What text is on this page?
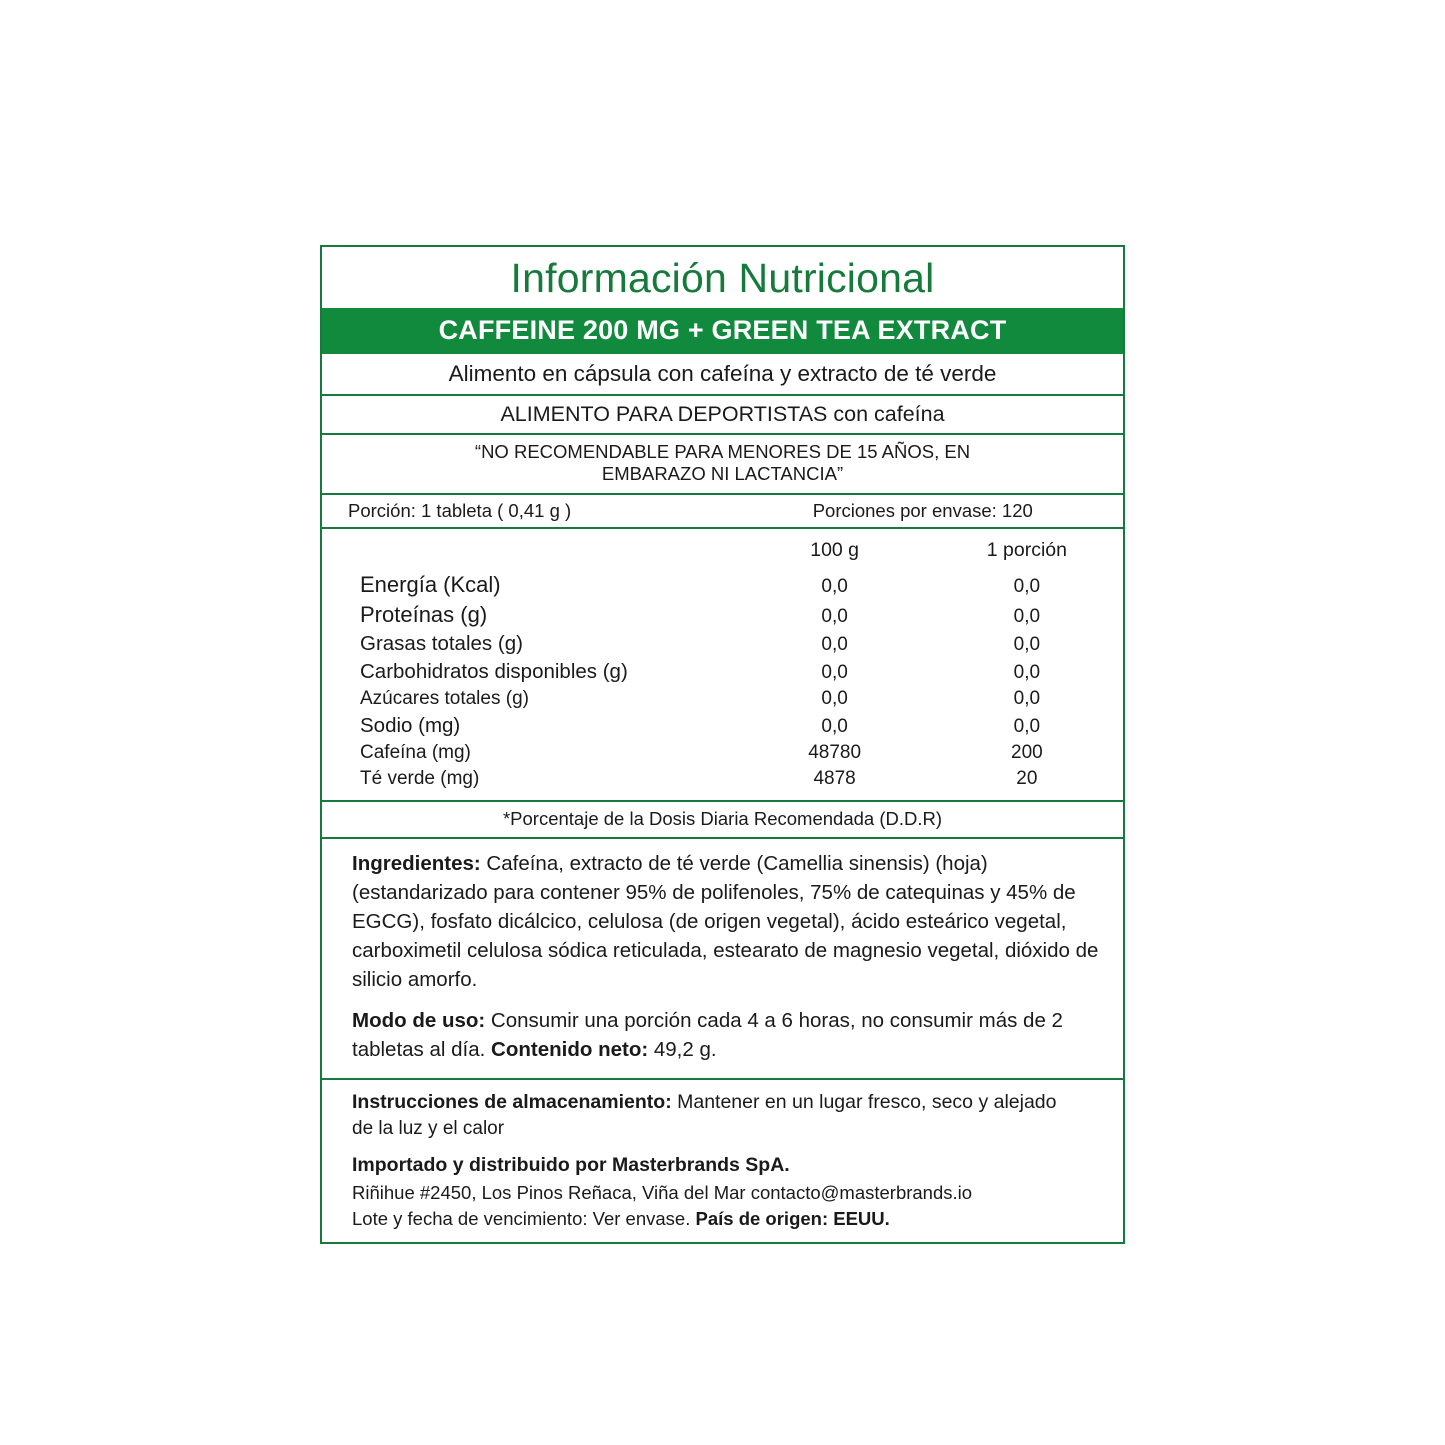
Información Nutricional
CAFFEINE 200 MG + GREEN TEA EXTRACT
Alimento en cápsula con cafeína y extracto de té verde
ALIMENTO PARA DEPORTISTAS con cafeína
“NO RECOMENDABLE PARA MENORES DE 15 AÑOS, EN
EMBARAZO NI LACTANCIA”
Porción: 1 tableta ( 0,41 g )	Porciones por envase: 120
	100 g	1 porción
Energía (Kcal)	0,0	0,0
Proteínas (g)	0,0	0,0
Grasas totales (g)	0,0	0,0
Carbohidratos disponibles (g)	0,0	0,0
Azúcares totales (g)	0,0	0,0
Sodio (mg)	0,0	0,0
Cafeína (mg)	48780	200
Té verde (mg)	4878	20
*Porcentaje de la Dosis Diaria Recomendada (D.D.R)

Ingredientes: Cafeína, extracto de té verde (Camellia sinensis) (hoja) (estandarizado para contener 95% de polifenoles, 75% de catequinas y 45% de EGCG), fosfato dicálcico, celulosa (de origen vegetal), ácido esteárico vegetal, carboximetil celulosa sódica reticulada, estearato de magnesio vegetal, dióxido de silicio amorfo.

Modo de uso: Consumir una porción cada 4 a 6 horas, no consumir más de 2 tabletas al día. Contenido neto: 49,2 g.

Instrucciones de almacenamiento: Mantener en un lugar fresco, seco y alejado
de la luz y el calor
Importado y distribuido por Masterbrands SpA.
Riñihue #2450, Los Pinos Reñaca, Viña del Mar contacto@masterbrands.io
Lote y fecha de vencimiento: Ver envase. País de origen: EEUU.
